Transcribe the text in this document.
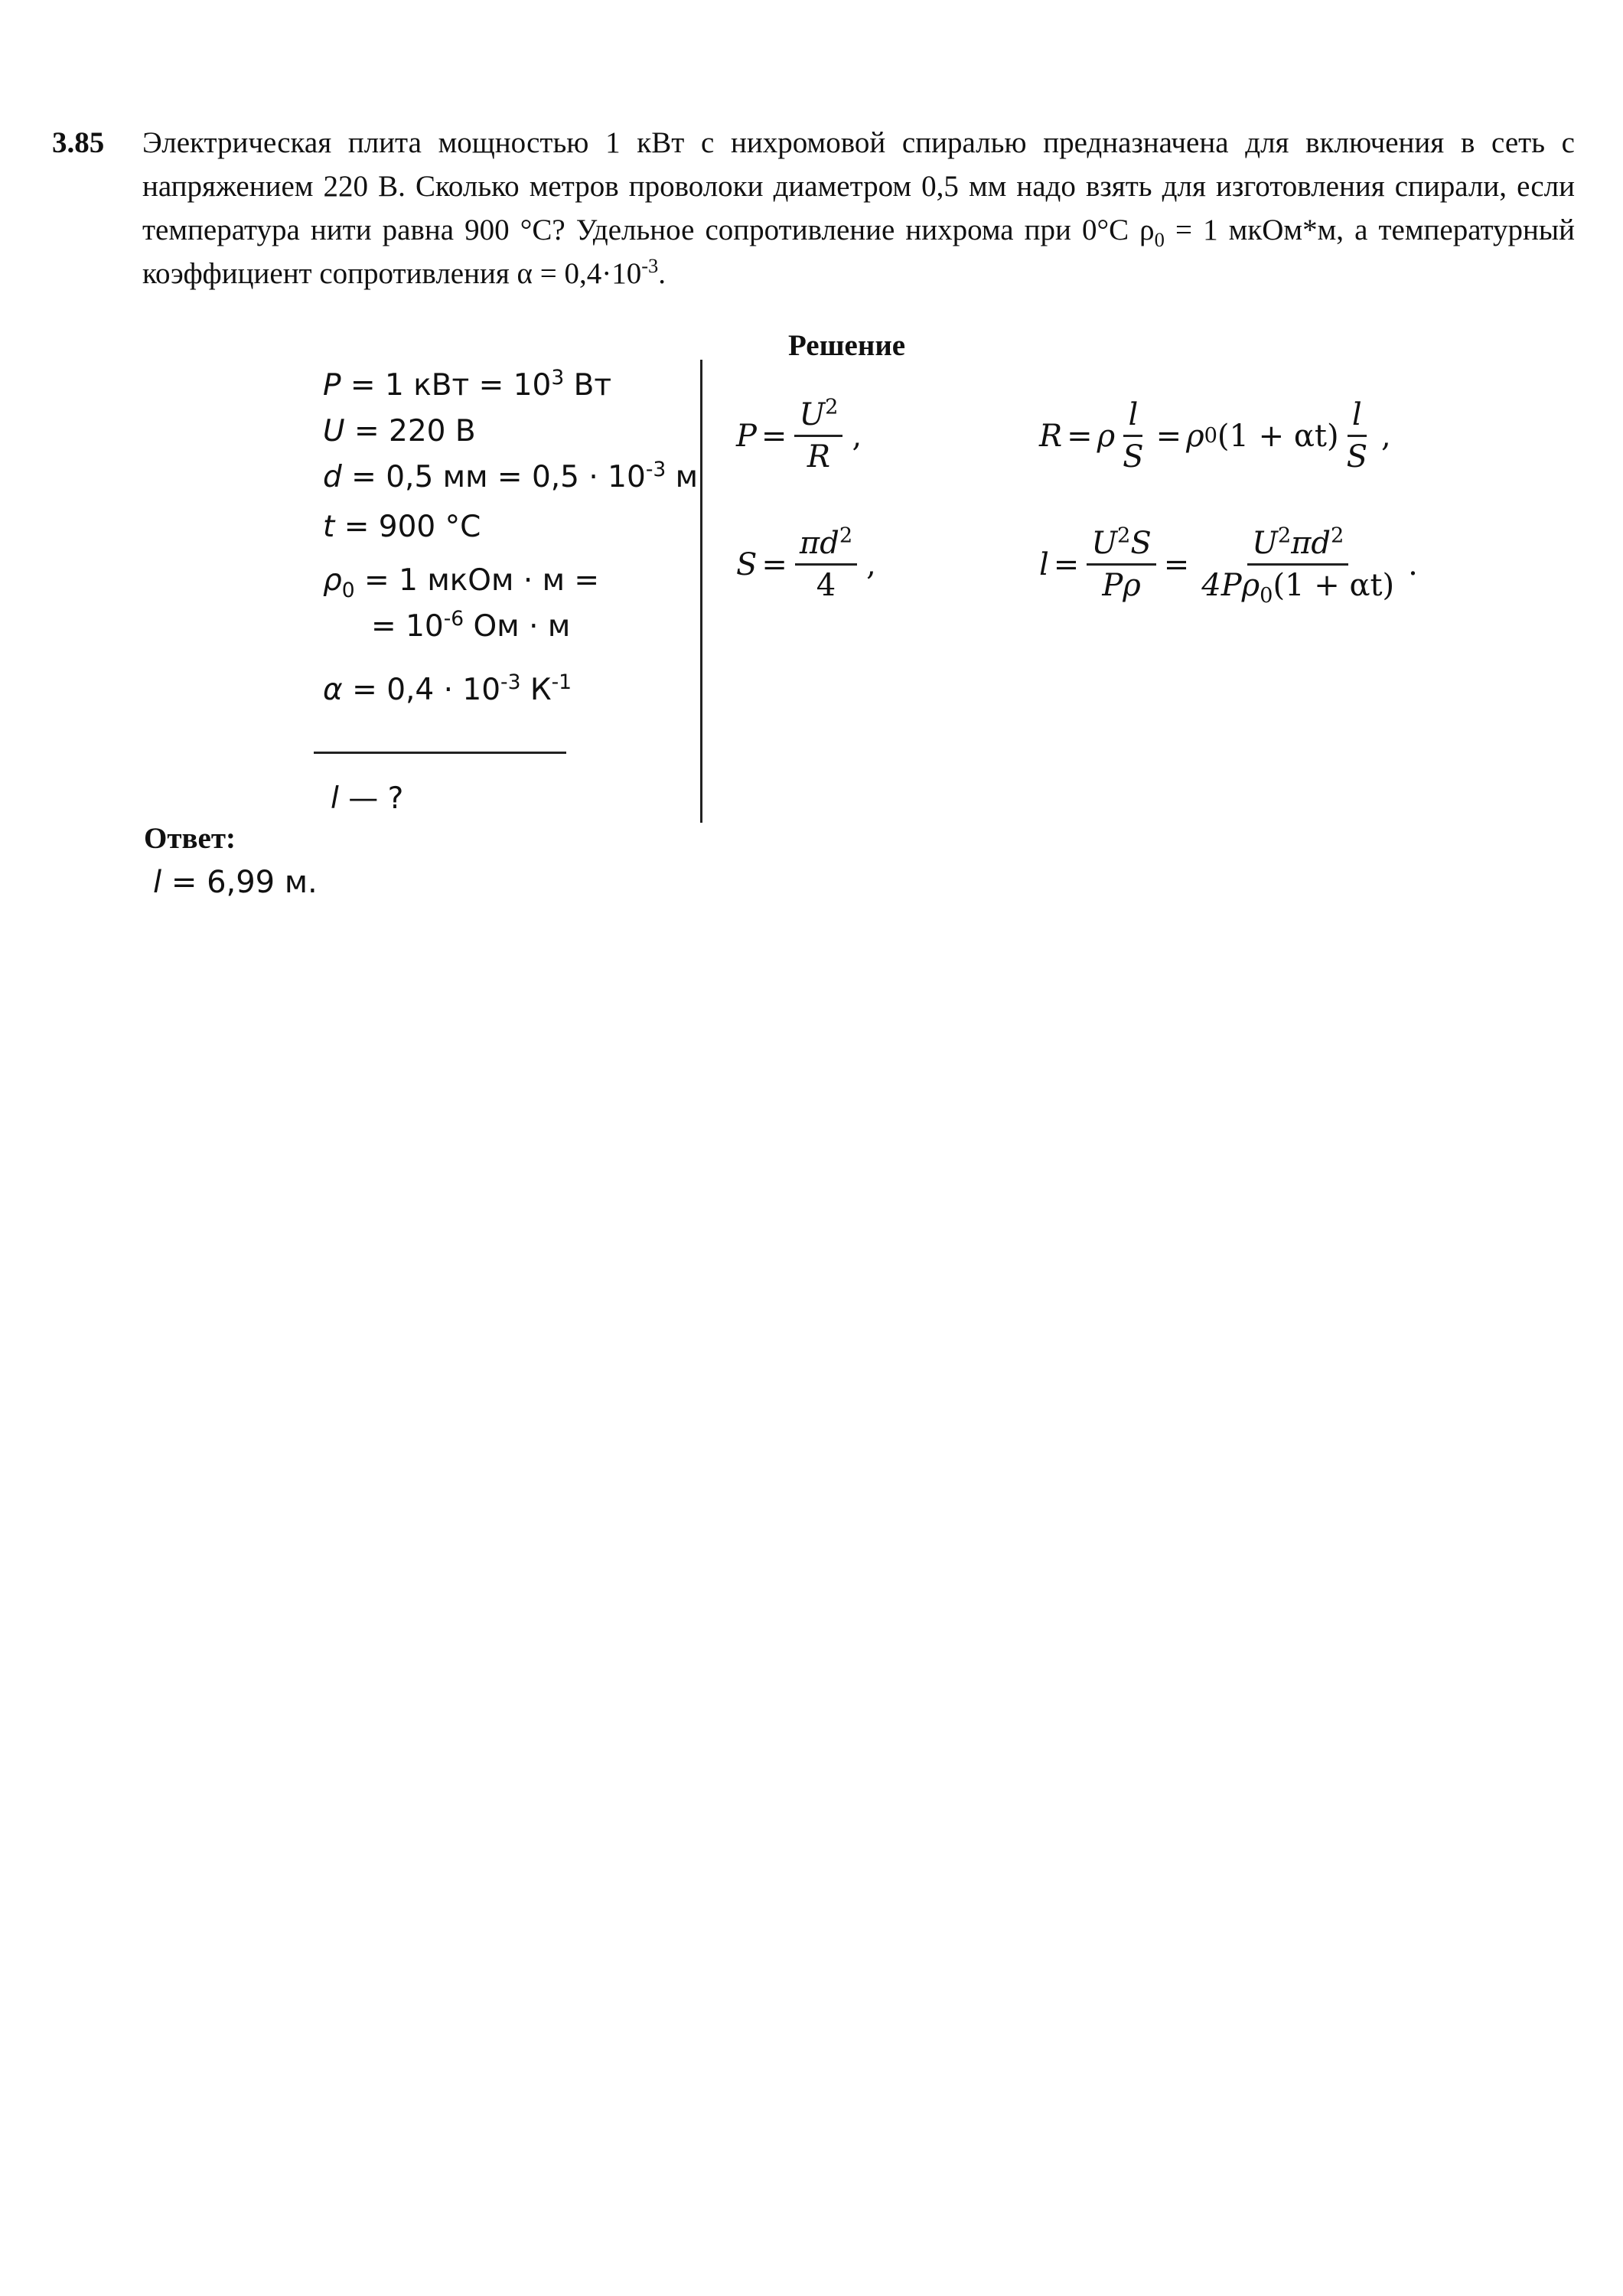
3.85 Электрическая плита мощностью 1 кВт с нихромовой спиралью предназначена для включения в сеть с напряжением 220 В. Сколько метров проволоки диаметром 0,5 мм надо взять для изготовления спирали, если температура нити равна 900 °С? Удельное сопротивление нихрома при 0°С $\rho_0 = 1$ мкОм*м, а температурный коэффициент сопротивления $\alpha = 0,4\cdot 10^{-3}$.
Решение
P = 1 кВт = $10^3$ Вт
U = 220 В
d = 0,5 мм = $0,5 \cdot 10^{-3}$ м
t = 900 °С
$\rho_0 = 1$ мкОм · м =
= $10^{-6}$ Ом · м
$\alpha = 0,4 \cdot 10^{-3}$ $К^{-1}$
l — ?
$P = \frac{U^2}{R}$ ,	R = ρ $\frac{l}{S} = \rho$ 0 $(1 + \alpha t) \frac{l}{S}$ ,
$S = \frac{\pi d^2}{4}$ ,	$l = \frac{U^2S}{P\rho} = \frac{U^2\pi d^2}{4P\rho_0(1 + \alpha t)}$ .
Ответ:
l = 6,99 м.
